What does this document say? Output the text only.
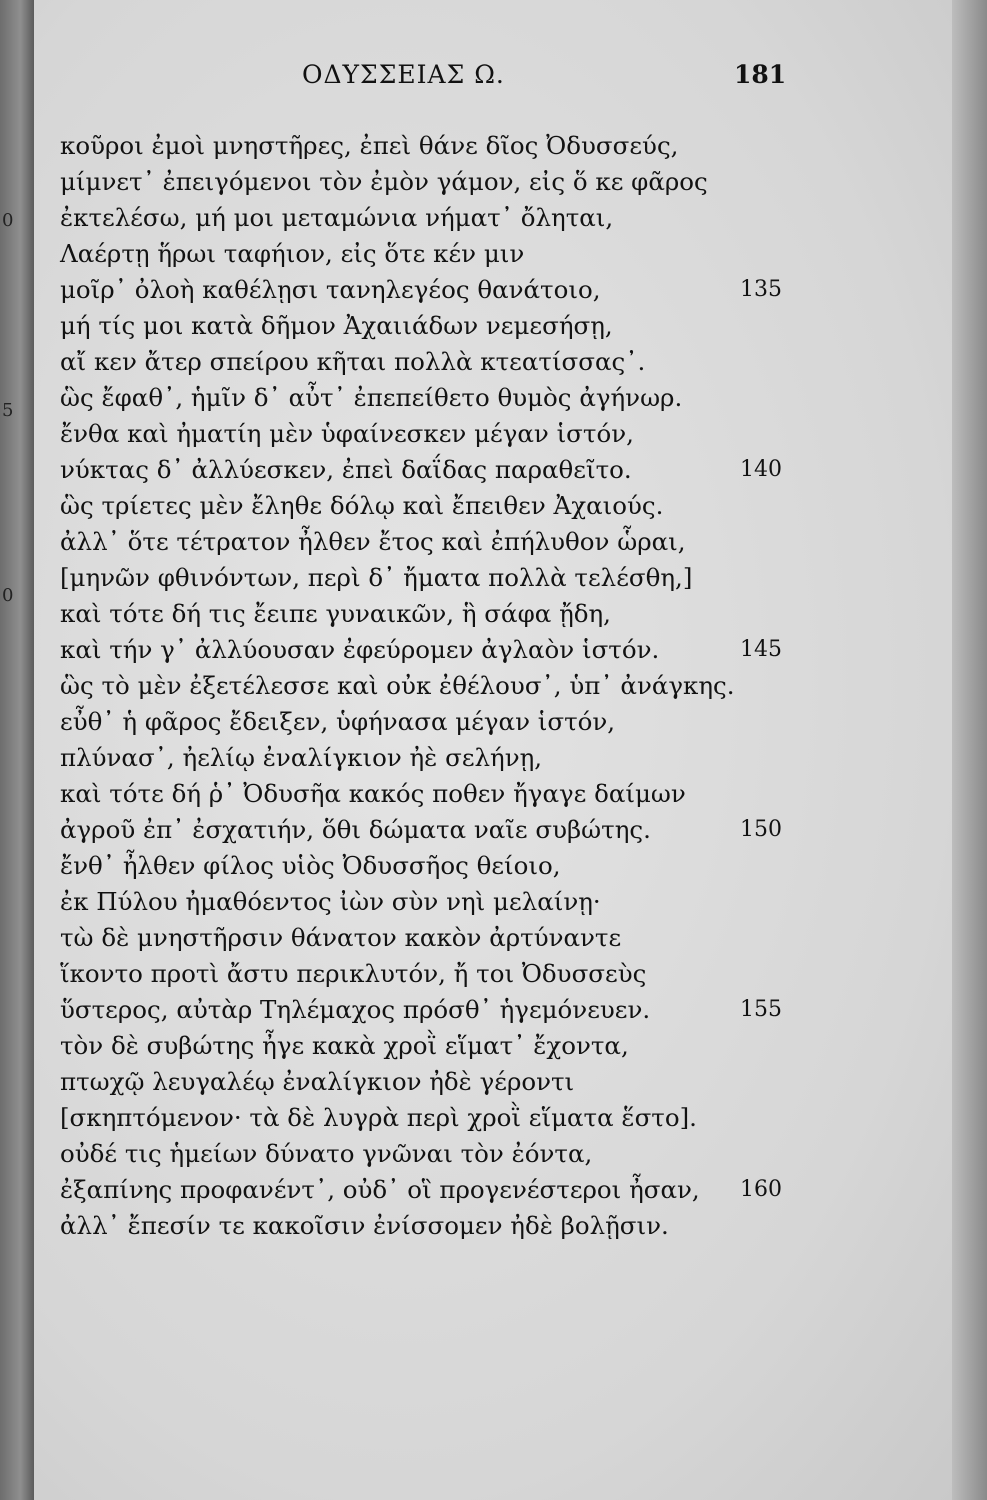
0
5
0
ΟΔΥΣΣΕΙΑΣ Ω.	181
κοῦροι ἐμοὶ μνηστῆρες, ἐπεὶ θάνε δῖος Ὀδυσσεύς,
μίμνετ᾽ ἐπειγόμενοι τὸν ἐμὸν γάμον, εἰς ὅ κε φᾶρος
ἐκτελέσω, μή μοι μεταμώνια νήματ᾽ ὄληται,
Λαέρτῃ ἥρωι ταφήιον, εἰς ὅτε κέν μιν
μοῖρ᾽ ὀλοὴ καθέλῃσι τανηλεγέος θανάτοιο,	135
μή τίς μοι κατὰ δῆμον Ἀχαιιάδων νεμεσήσῃ,
αἴ κεν ἄτερ σπείρου κῆται πολλὰ κτεατίσσας᾽.
ὣς ἔφαθ᾽, ἡμῖν δ᾽ αὖτ᾽ ἐπεπείθετο θυμὸς ἀγήνωρ.
ἔνθα καὶ ἠματίη μὲν ὑφαίνεσκεν μέγαν ἱστόν,
νύκτας δ᾽ ἀλλύεσκεν, ἐπεὶ δαΐδας παραθεῖτο.	140
ὣς τρίετες μὲν ἔληθε δόλῳ καὶ ἔπειθεν Ἀχαιούς.
ἀλλ᾽ ὅτε τέτρατον ἦλθεν ἔτος καὶ ἐπήλυθον ὧραι,
[μηνῶν φθινόντων, περὶ δ᾽ ἤματα πολλὰ τελέσθη,]
καὶ τότε δή τις ἔειπε γυναικῶν, ἣ σάφα ᾔδη,
καὶ τήν γ᾽ ἀλλύουσαν ἐφεύρομεν ἀγλαὸν ἱστόν.	145
ὣς τὸ μὲν ἐξετέλεσσε καὶ οὐκ ἐθέλουσ᾽, ὑπ᾽ ἀνάγκης.
εὖθ᾽ ἡ φᾶρος ἔδειξεν, ὑφήνασα μέγαν ἱστόν,
πλύνασ᾽, ἠελίῳ ἐναλίγκιον ἠὲ σελήνῃ,
καὶ τότε δή ῥ᾽ Ὀδυσῆα κακός ποθεν ἤγαγε δαίμων
ἀγροῦ ἐπ᾽ ἐσχατιήν, ὅθι δώματα ναῖε συβώτης.	150
ἔνθ᾽ ἦλθεν φίλος υἱὸς Ὀδυσσῆος θείοιο,
ἐκ Πύλου ἠμαθόεντος ἰὼν σὺν νηὶ μελαίνῃ·
τὼ δὲ μνηστῆρσιν θάνατον κακὸν ἀρτύναντε
ἵκοντο προτὶ ἄστυ περικλυτόν, ἤ τοι Ὀδυσσεὺς
ὕστερος, αὐτὰρ Τηλέμαχος πρόσθ᾽ ἡγεμόνευεν.	155
τὸν δὲ συβώτης ἦγε κακὰ χροῒ εἵματ᾽ ἔχοντα,
πτωχῷ λευγαλέῳ ἐναλίγκιον ἠδὲ γέροντι
[σκηπτόμενον· τὰ δὲ λυγρὰ περὶ χροῒ εἵματα ἕστο].
οὐδέ τις ἡμείων δύνατο γνῶναι τὸν ἐόντα,
ἐξαπίνης προφανέντ᾽, οὐδ᾽ οἳ προγενέστεροι ἦσαν, 160
ἀλλ᾽ ἔπεσίν τε κακοῖσιν ἐνίσσομεν ἠδὲ βολῇσιν.
